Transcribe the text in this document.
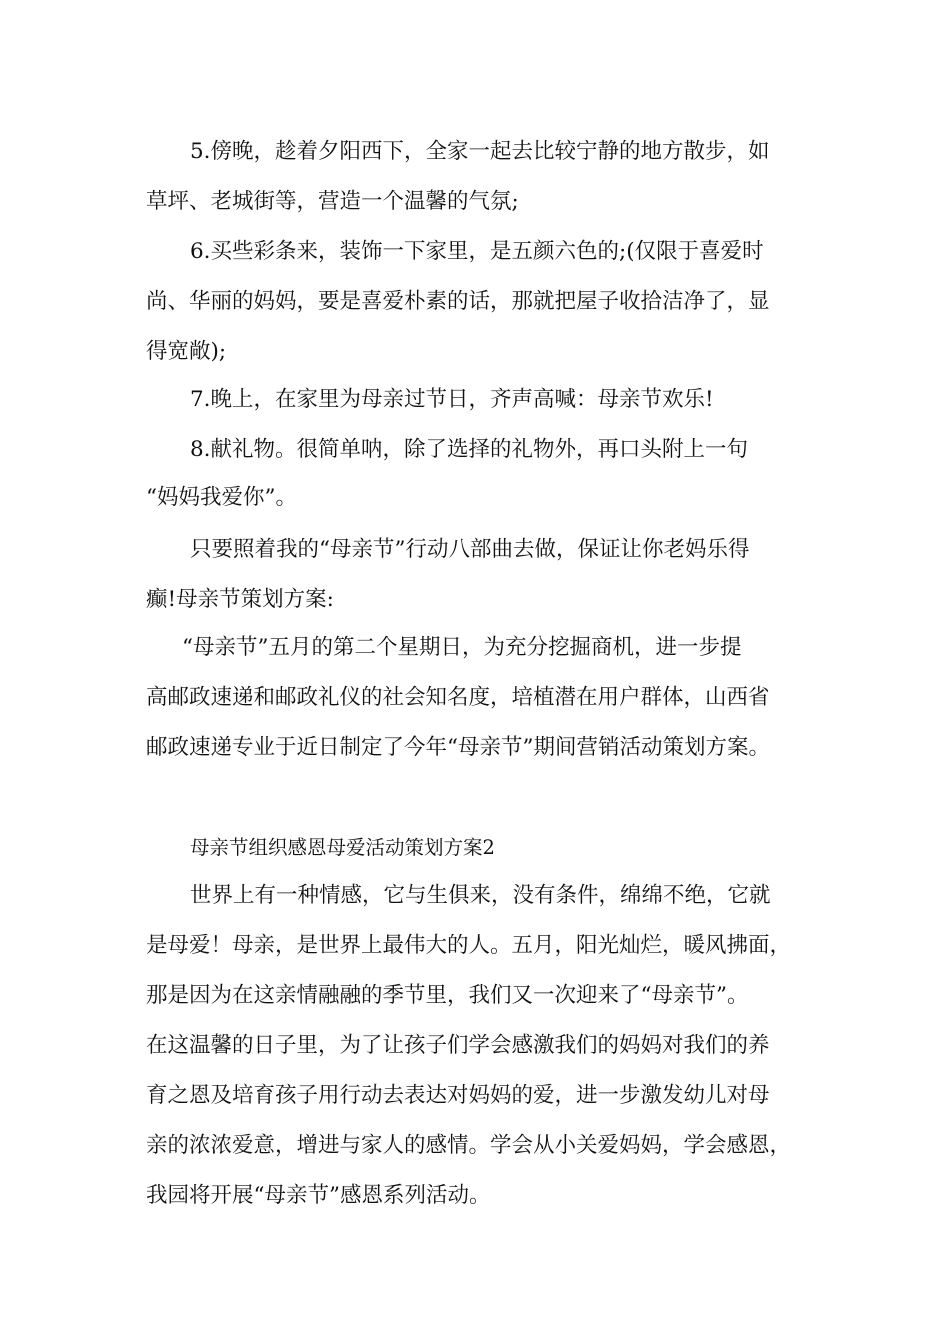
5.傍晚，趁着夕阳西下，全家一起去比较宁静的地方散步，如
草坪、老城街等，营造一个温馨的气氛;
6.买些彩条来，装饰一下家里，是五颜六色的;(仅限于喜爱时
尚、华丽的妈妈，要是喜爱朴素的话，那就把屋子收拾洁净了，显
得宽敞);
7.晚上，在家里为母亲过节日，齐声高喊：母亲节欢乐!
8.献礼物。很简单呐，除了选择的礼物外，再口头附上一句
“妈妈我爱你”。
只要照着我的“母亲节”行动八部曲去做，保证让你老妈乐得
癫!母亲节策划方案:
“母亲节”五月的第二个星期日，为充分挖掘商机，进一步提
高邮政速递和邮政礼仪的社会知名度，培植潜在用户群体，山西省
邮政速递专业于近日制定了今年“母亲节”期间营销活动策划方案。
母亲节组织感恩母爱活动策划方案2
世界上有一种情感，它与生俱来，没有条件，绵绵不绝，它就
是母爱！母亲，是世界上最伟大的人。五月，阳光灿烂，暖风拂面，
那是因为在这亲情融融的季节里，我们又一次迎来了“母亲节”。
在这温馨的日子里，为了让孩子们学会感激我们的妈妈对我们的养
育之恩及培育孩子用行动去表达对妈妈的爱，进一步激发幼儿对母
亲的浓浓爱意，增进与家人的感情。学会从小关爱妈妈，学会感恩，
我园将开展“母亲节”感恩系列活动。
